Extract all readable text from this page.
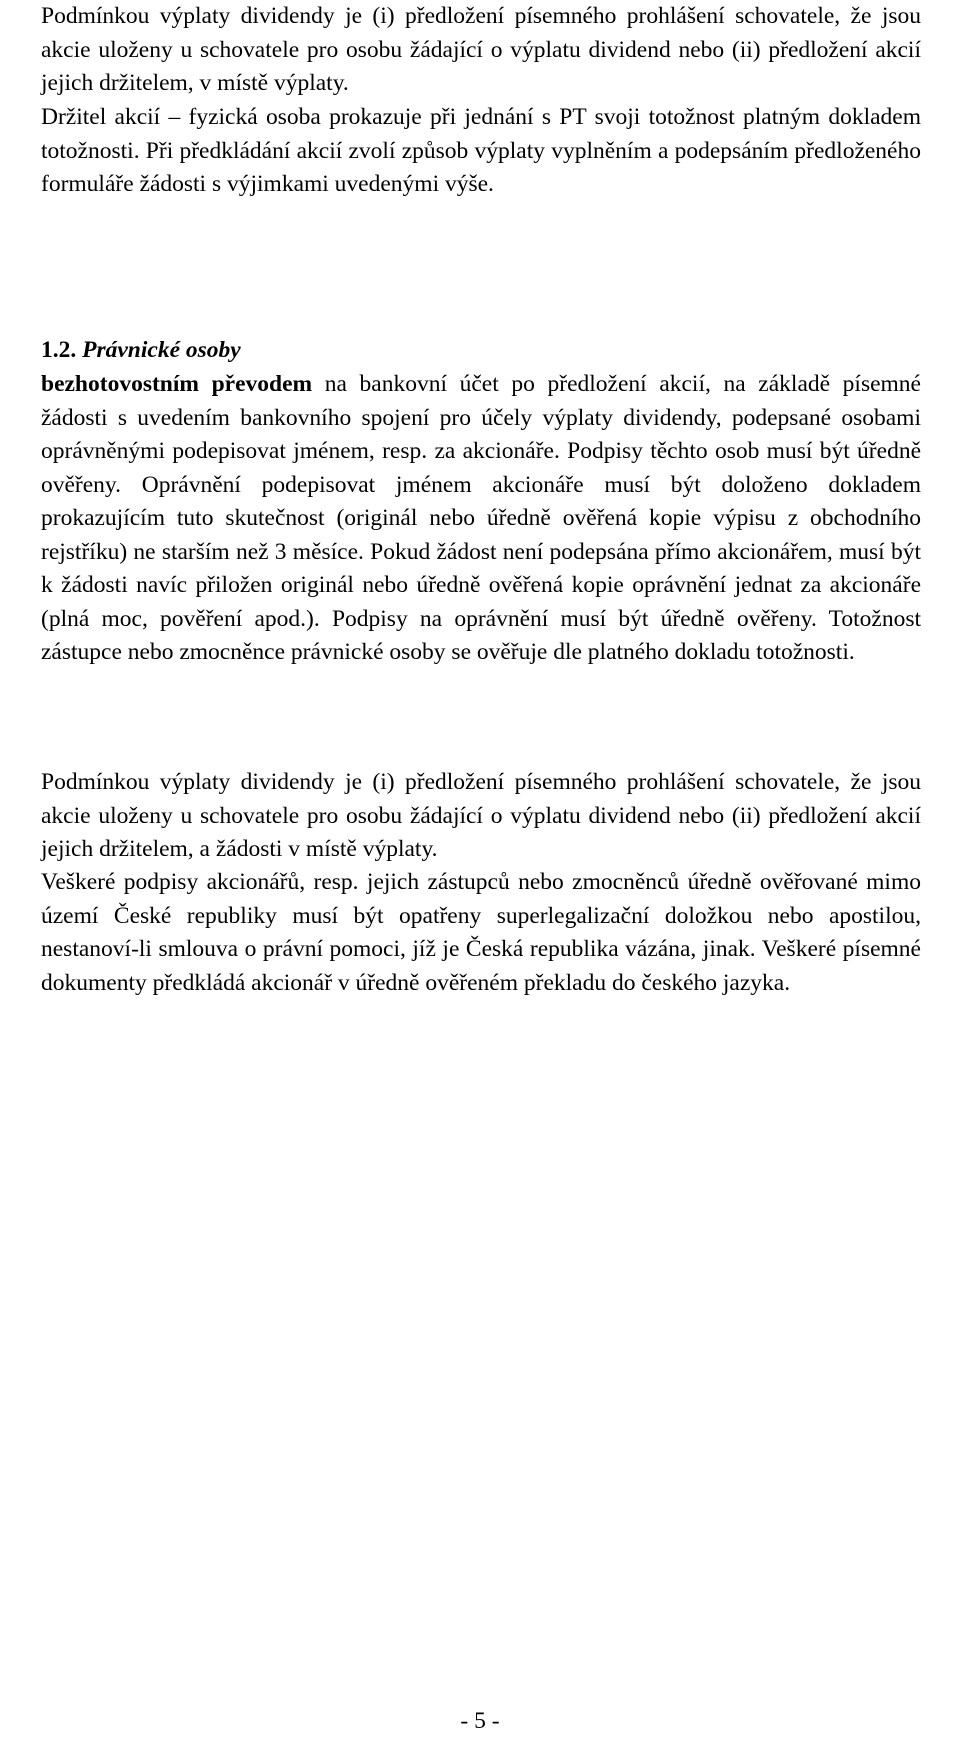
Podmínkou výplaty dividendy je (i) předložení písemného prohlášení schovatele, že jsou akcie uloženy u schovatele pro osobu žádající o výplatu dividend nebo (ii) předložení akcií jejich držitelem, v místě výplaty.

Držitel akcií – fyzická osoba prokazuje při jednání s PT svoji totožnost platným dokladem totožnosti. Při předkládání akcií zvolí způsob výplaty vyplněním a podepsáním předloženého formuláře žádosti s výjimkami uvedenými výše.

1.2. Právnické osoby

bezhotovostním převodem na bankovní účet po předložení akcií, na základě písemné žádosti s uvedením bankovního spojení pro účely výplaty dividendy, podepsané osobami oprávněnými podepisovat jménem, resp. za akcionáře. Podpisy těchto osob musí být úředně ověřeny. Oprávnění podepisovat jménem akcionáře musí být doloženo dokladem prokazujícím tuto skutečnost (originál nebo úředně ověřená kopie výpisu z obchodního rejstříku) ne starším než 3 měsíce. Pokud žádost není podepsána přímo akcionářem, musí být k žádosti navíc přiložen originál nebo úředně ověřená kopie oprávnění jednat za akcionáře (plná moc, pověření apod.). Podpisy na oprávnění musí být úředně ověřeny. Totožnost zástupce nebo zmocněnce právnické osoby se ověřuje dle platného dokladu totožnosti.

Podmínkou výplaty dividendy je (i) předložení písemného prohlášení schovatele, že jsou akcie uloženy u schovatele pro osobu žádající o výplatu dividend nebo (ii) předložení akcií jejich držitelem, a žádosti v místě výplaty.

Veškeré podpisy akcionářů, resp. jejich zástupců nebo zmocněnců úředně ověřované mimo území České republiky musí být opatřeny superlegalizační doložkou nebo apostilou, nestanoví-li smlouva o právní pomoci, jíž je Česká republika vázána, jinak. Veškeré písemné dokumenty předkládá akcionář v úředně ověřeném překladu do českého jazyka.

- 5 -
